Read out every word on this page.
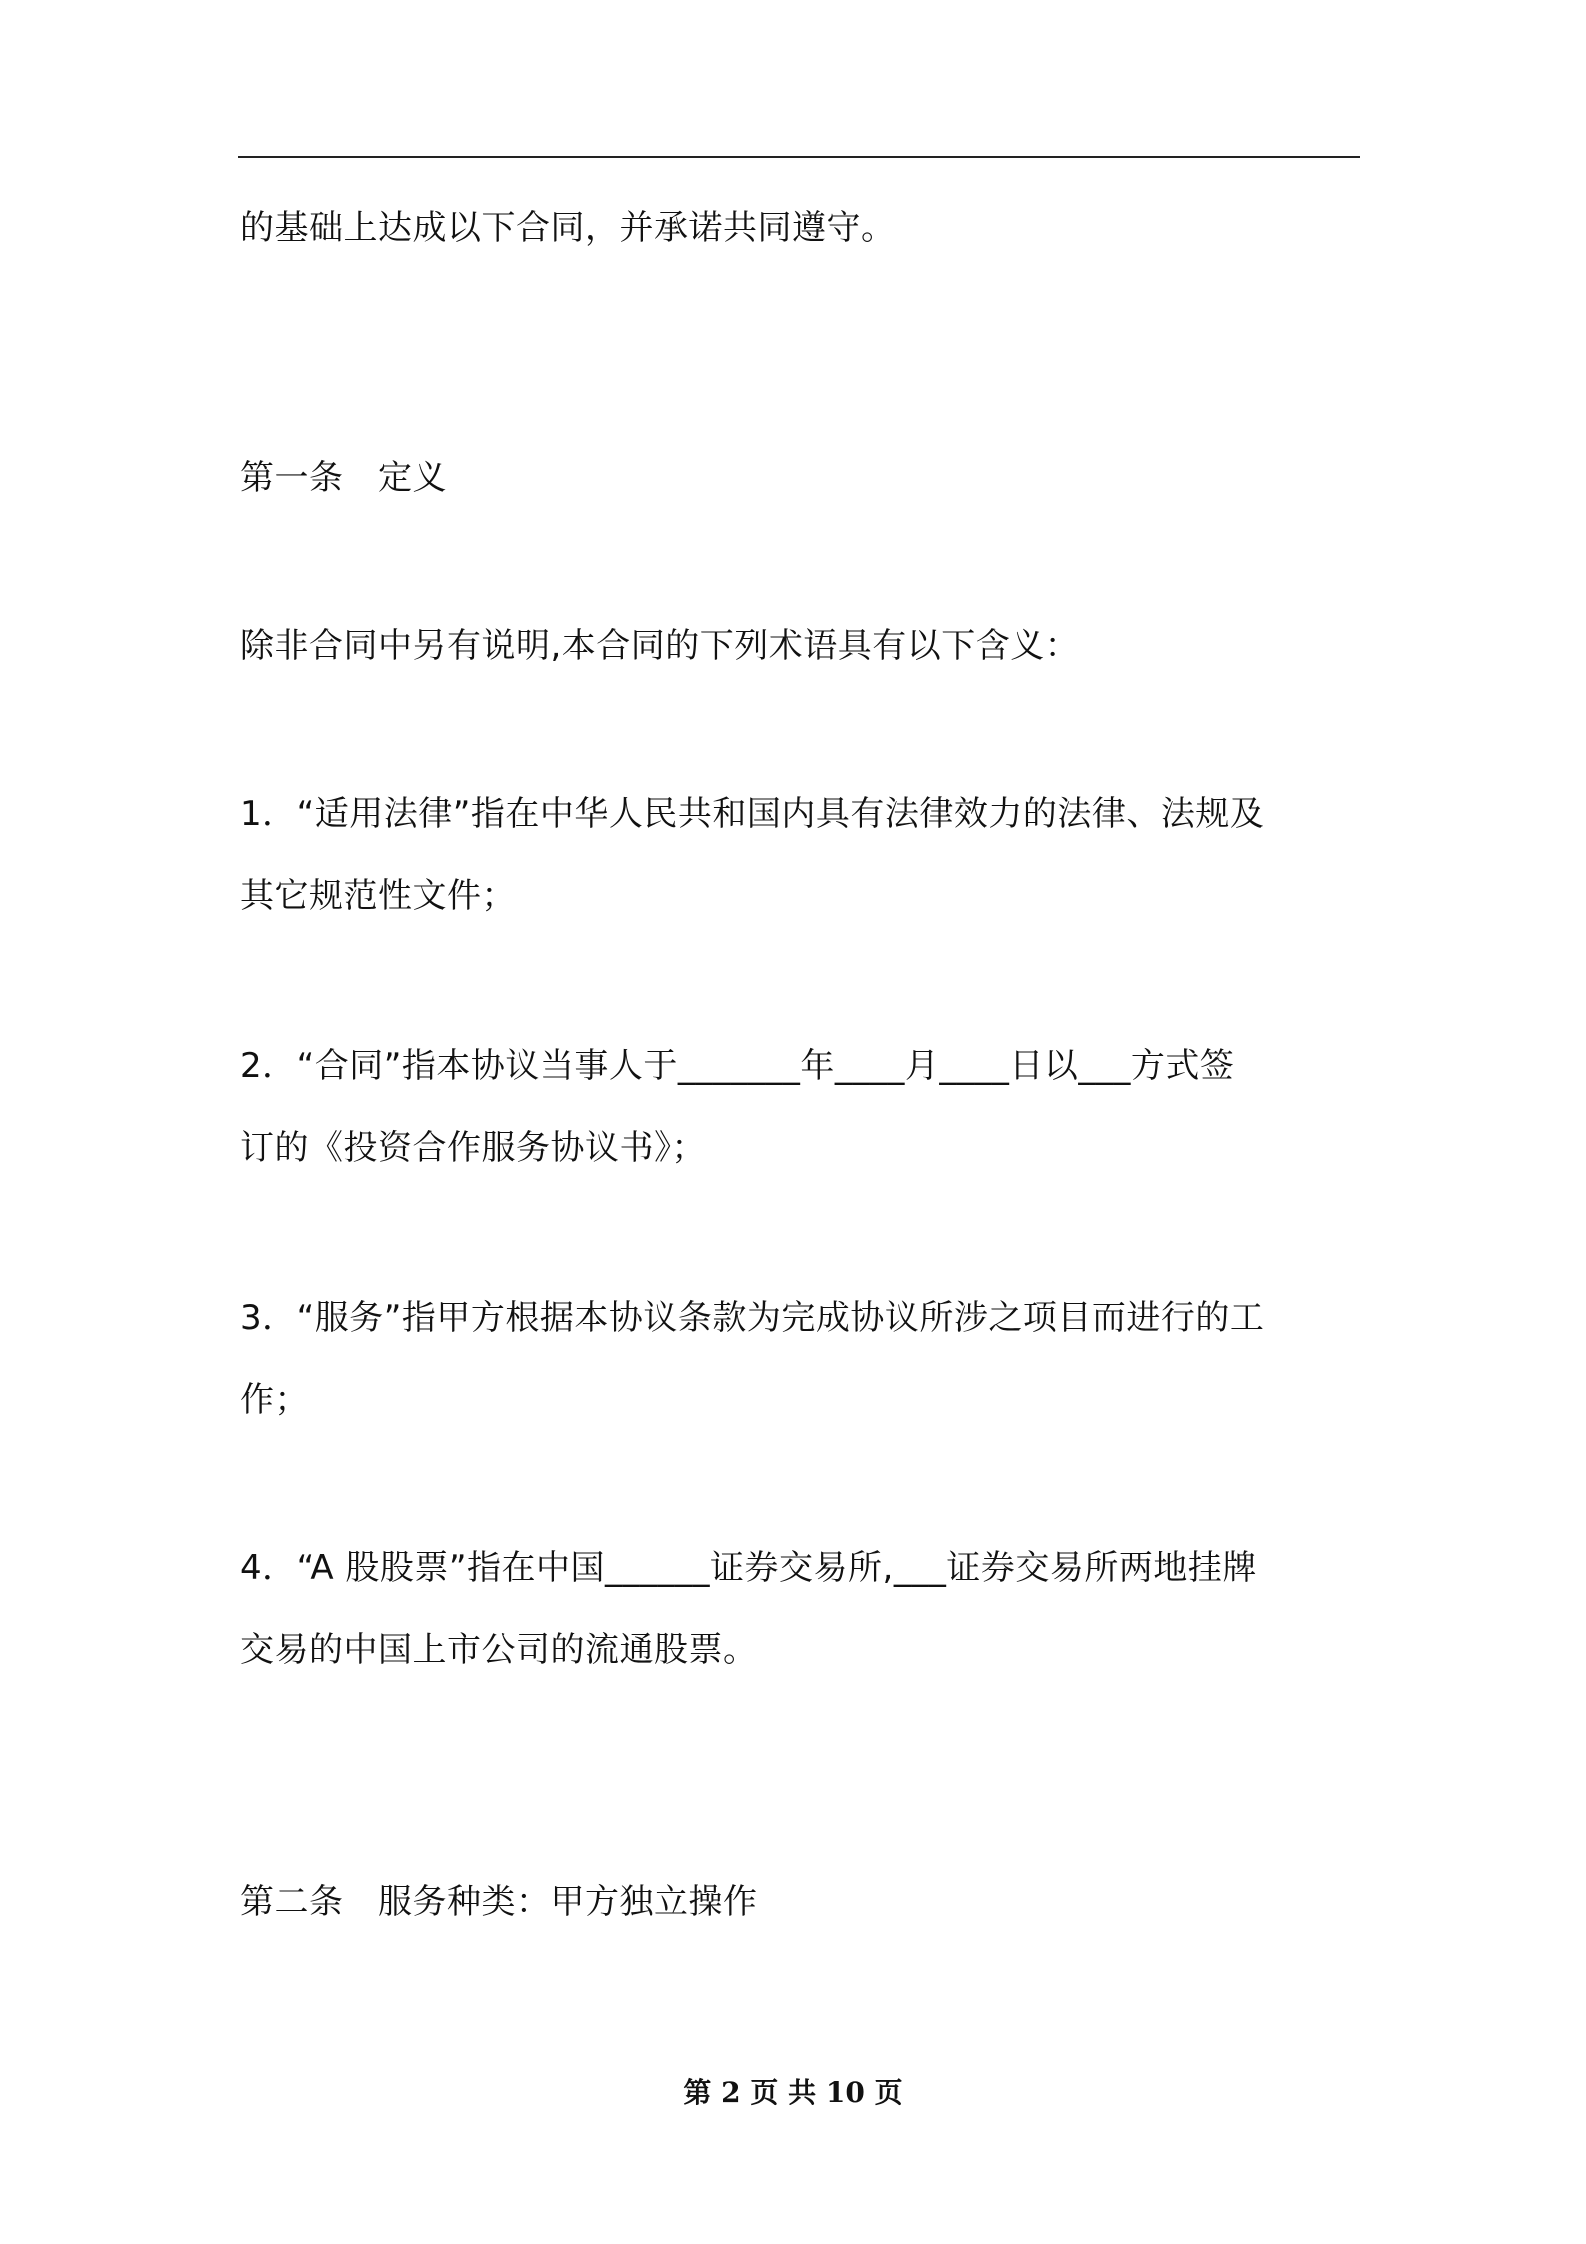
的基础上达成以下合同，并承诺共同遵守。
第一条　定义
除非合同中另有说明,本合同的下列术语具有以下含义：
1．“适用法律”指在中华人民共和国内具有法律效力的法律、法规及
其它规范性文件；
2．“合同”指本协议当事人于_______年____月____日以___方式签
订的《投资合作服务协议书》；
3．“服务”指甲方根据本协议条款为完成协议所涉之项目而进行的工
作；
4．“A 股股票”指在中国______证券交易所,___证券交易所两地挂牌
交易的中国上市公司的流通股票。
第二条　服务种类：甲方独立操作
第 2 页 共 10 页
